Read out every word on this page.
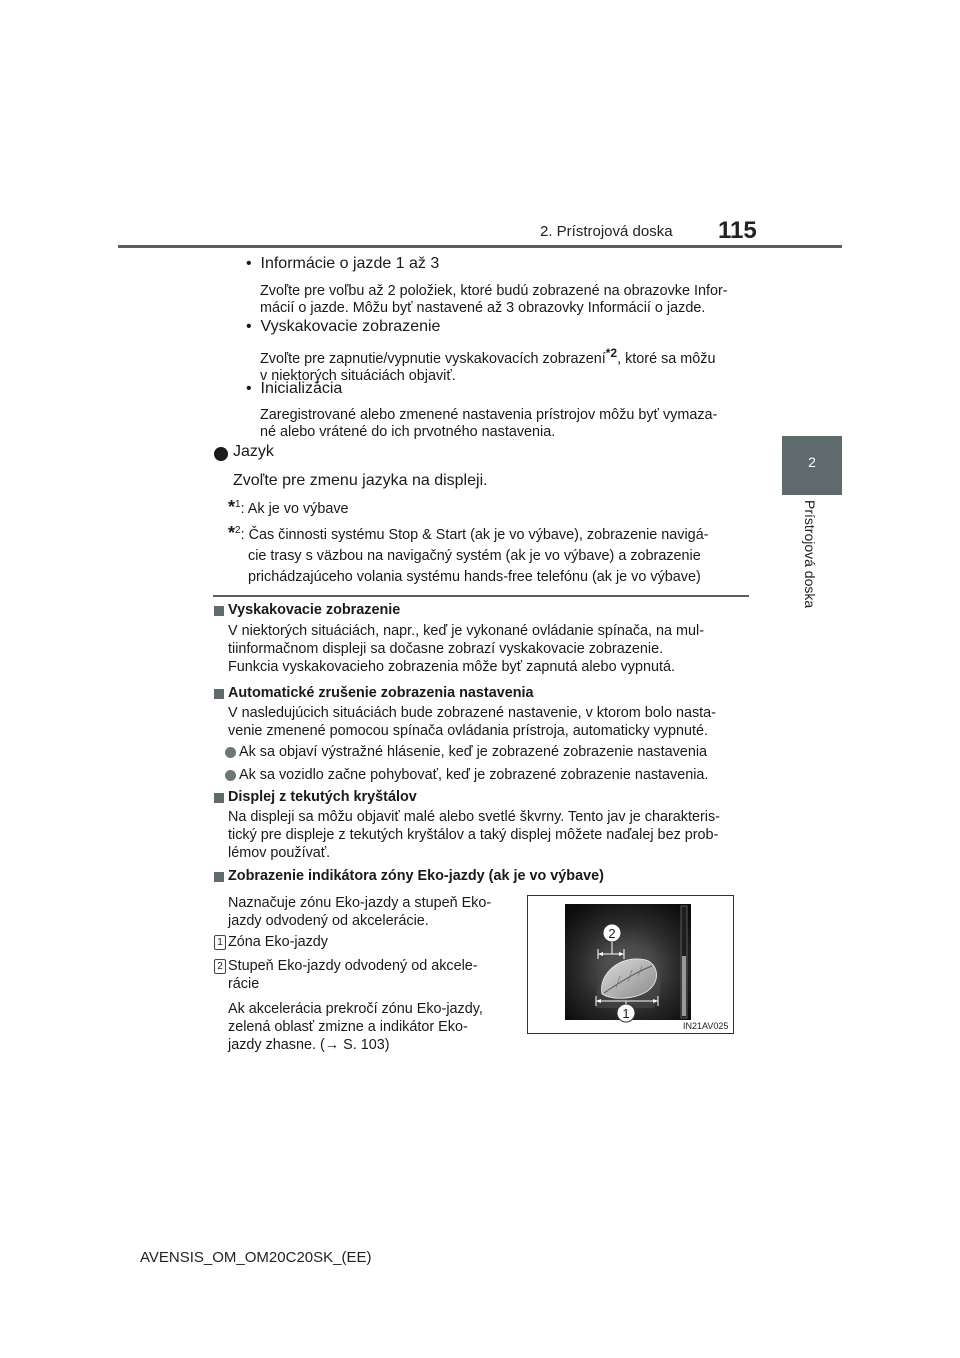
2. Prístrojová doska	115
2
Prístrojová doska
•  Informácie o jazde 1 až 3
Zvoľte pre voľbu až 2 položiek, ktoré budú zobrazené na obrazovke Infor-
mácií o jazde. Môžu byť nastavené až 3 obrazovky Informácií o jazde.
•  Vyskakovacie zobrazenie
Zvoľte pre zapnutie/vypnutie vyskakovacích zobrazení$^{*2}$, ktoré sa môžu
v niektorých situáciách objaviť.
•  Inicializácia
Zaregistrované alebo zmenené nastavenia prístrojov môžu byť vymaza-
né alebo vrátené do ich prvotného nastavenia.
Jazyk
Zvoľte pre zmenu jazyka na displeji.
*$^1$: Ak je vo výbave
*$^2$: Čas činnosti systému Stop & Start (ak je vo výbave), zobrazenie navigá-
cie trasy s väzbou na navigačný systém (ak je vo výbave) a zobrazenie
prichádzajúceho volania systému hands-free telefónu (ak je vo výbave)
Vyskakovacie zobrazenie
V niektorých situáciách, napr., keď je vykonané ovládanie spínača, na mul-
tiinformačnom displeji sa dočasne zobrazí vyskakovacie zobrazenie.
Funkcia vyskakovacieho zobrazenia môže byť zapnutá alebo vypnutá.
Automatické zrušenie zobrazenia nastavenia
V nasledujúcich situáciách bude zobrazené nastavenie, v ktorom bolo nasta-
venie zmenené pomocou spínača ovládania prístroja, automaticky vypnuté.
Ak sa objaví výstražné hlásenie, keď je zobrazené zobrazenie nastavenia
Ak sa vozidlo začne pohybovať, keď je zobrazené zobrazenie nastavenia.
Displej z tekutých kryštálov
Na displeji sa môžu objaviť malé alebo svetlé škvrny. Tento jav je charakteris-
tický pre displeje z tekutých kryštálov a taký displej môžete naďalej bez prob-
lémov používať.
Zobrazenie indikátora zóny Eko-jazdy (ak je vo výbave)
Naznačuje zónu Eko-jazdy a stupeň Eko-
jazdy odvodený od akcelerácie.
1 Zóna Eko-jazdy
2 Stupeň Eko-jazdy odvodený od akcele-
rácie
Ak akcelerácia prekročí zónu Eko-jazdy,
zelená oblasť zmizne a indikátor Eko-
jazdy zhasne. (→ S. 103)
2
1
IN21AV025
AVENSIS_OM_OM20C20SK_(EE)
